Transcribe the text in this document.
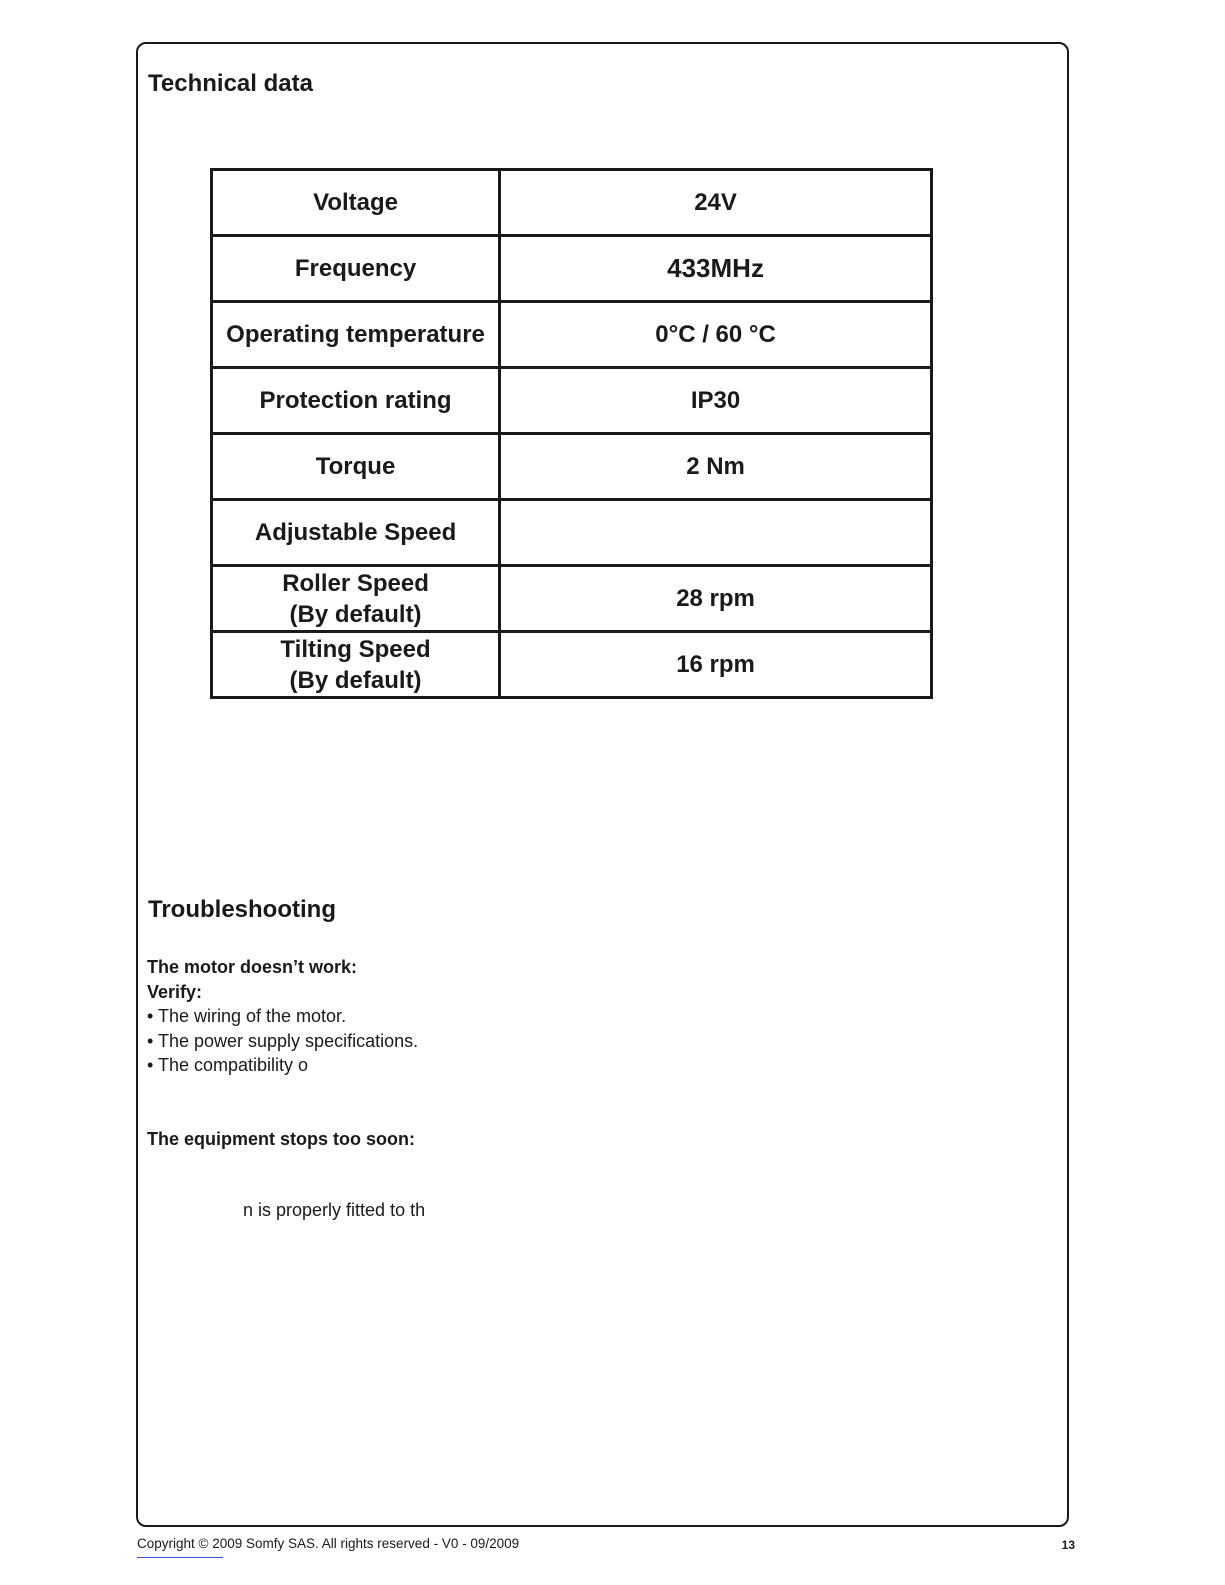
Technical data
Voltage	24V
Frequency	433MHz
Operating temperature	0°C / 60 °C
Protection rating	IP30
Torque	2 Nm
Adjustable Speed	

Roller Speed
(By default)	28 rpm

Tilting Speed
(By default)	16 rpm
Troubleshooting
The motor doesn’t work:
Verify:
• The wiring of the motor.
• The power supply specifications.
• The compatibility o
The equipment stops too soon:
n is properly fitted to th
Copyright © 2009 Somfy SAS. All rights reserved - V0 - 09/2009	13
